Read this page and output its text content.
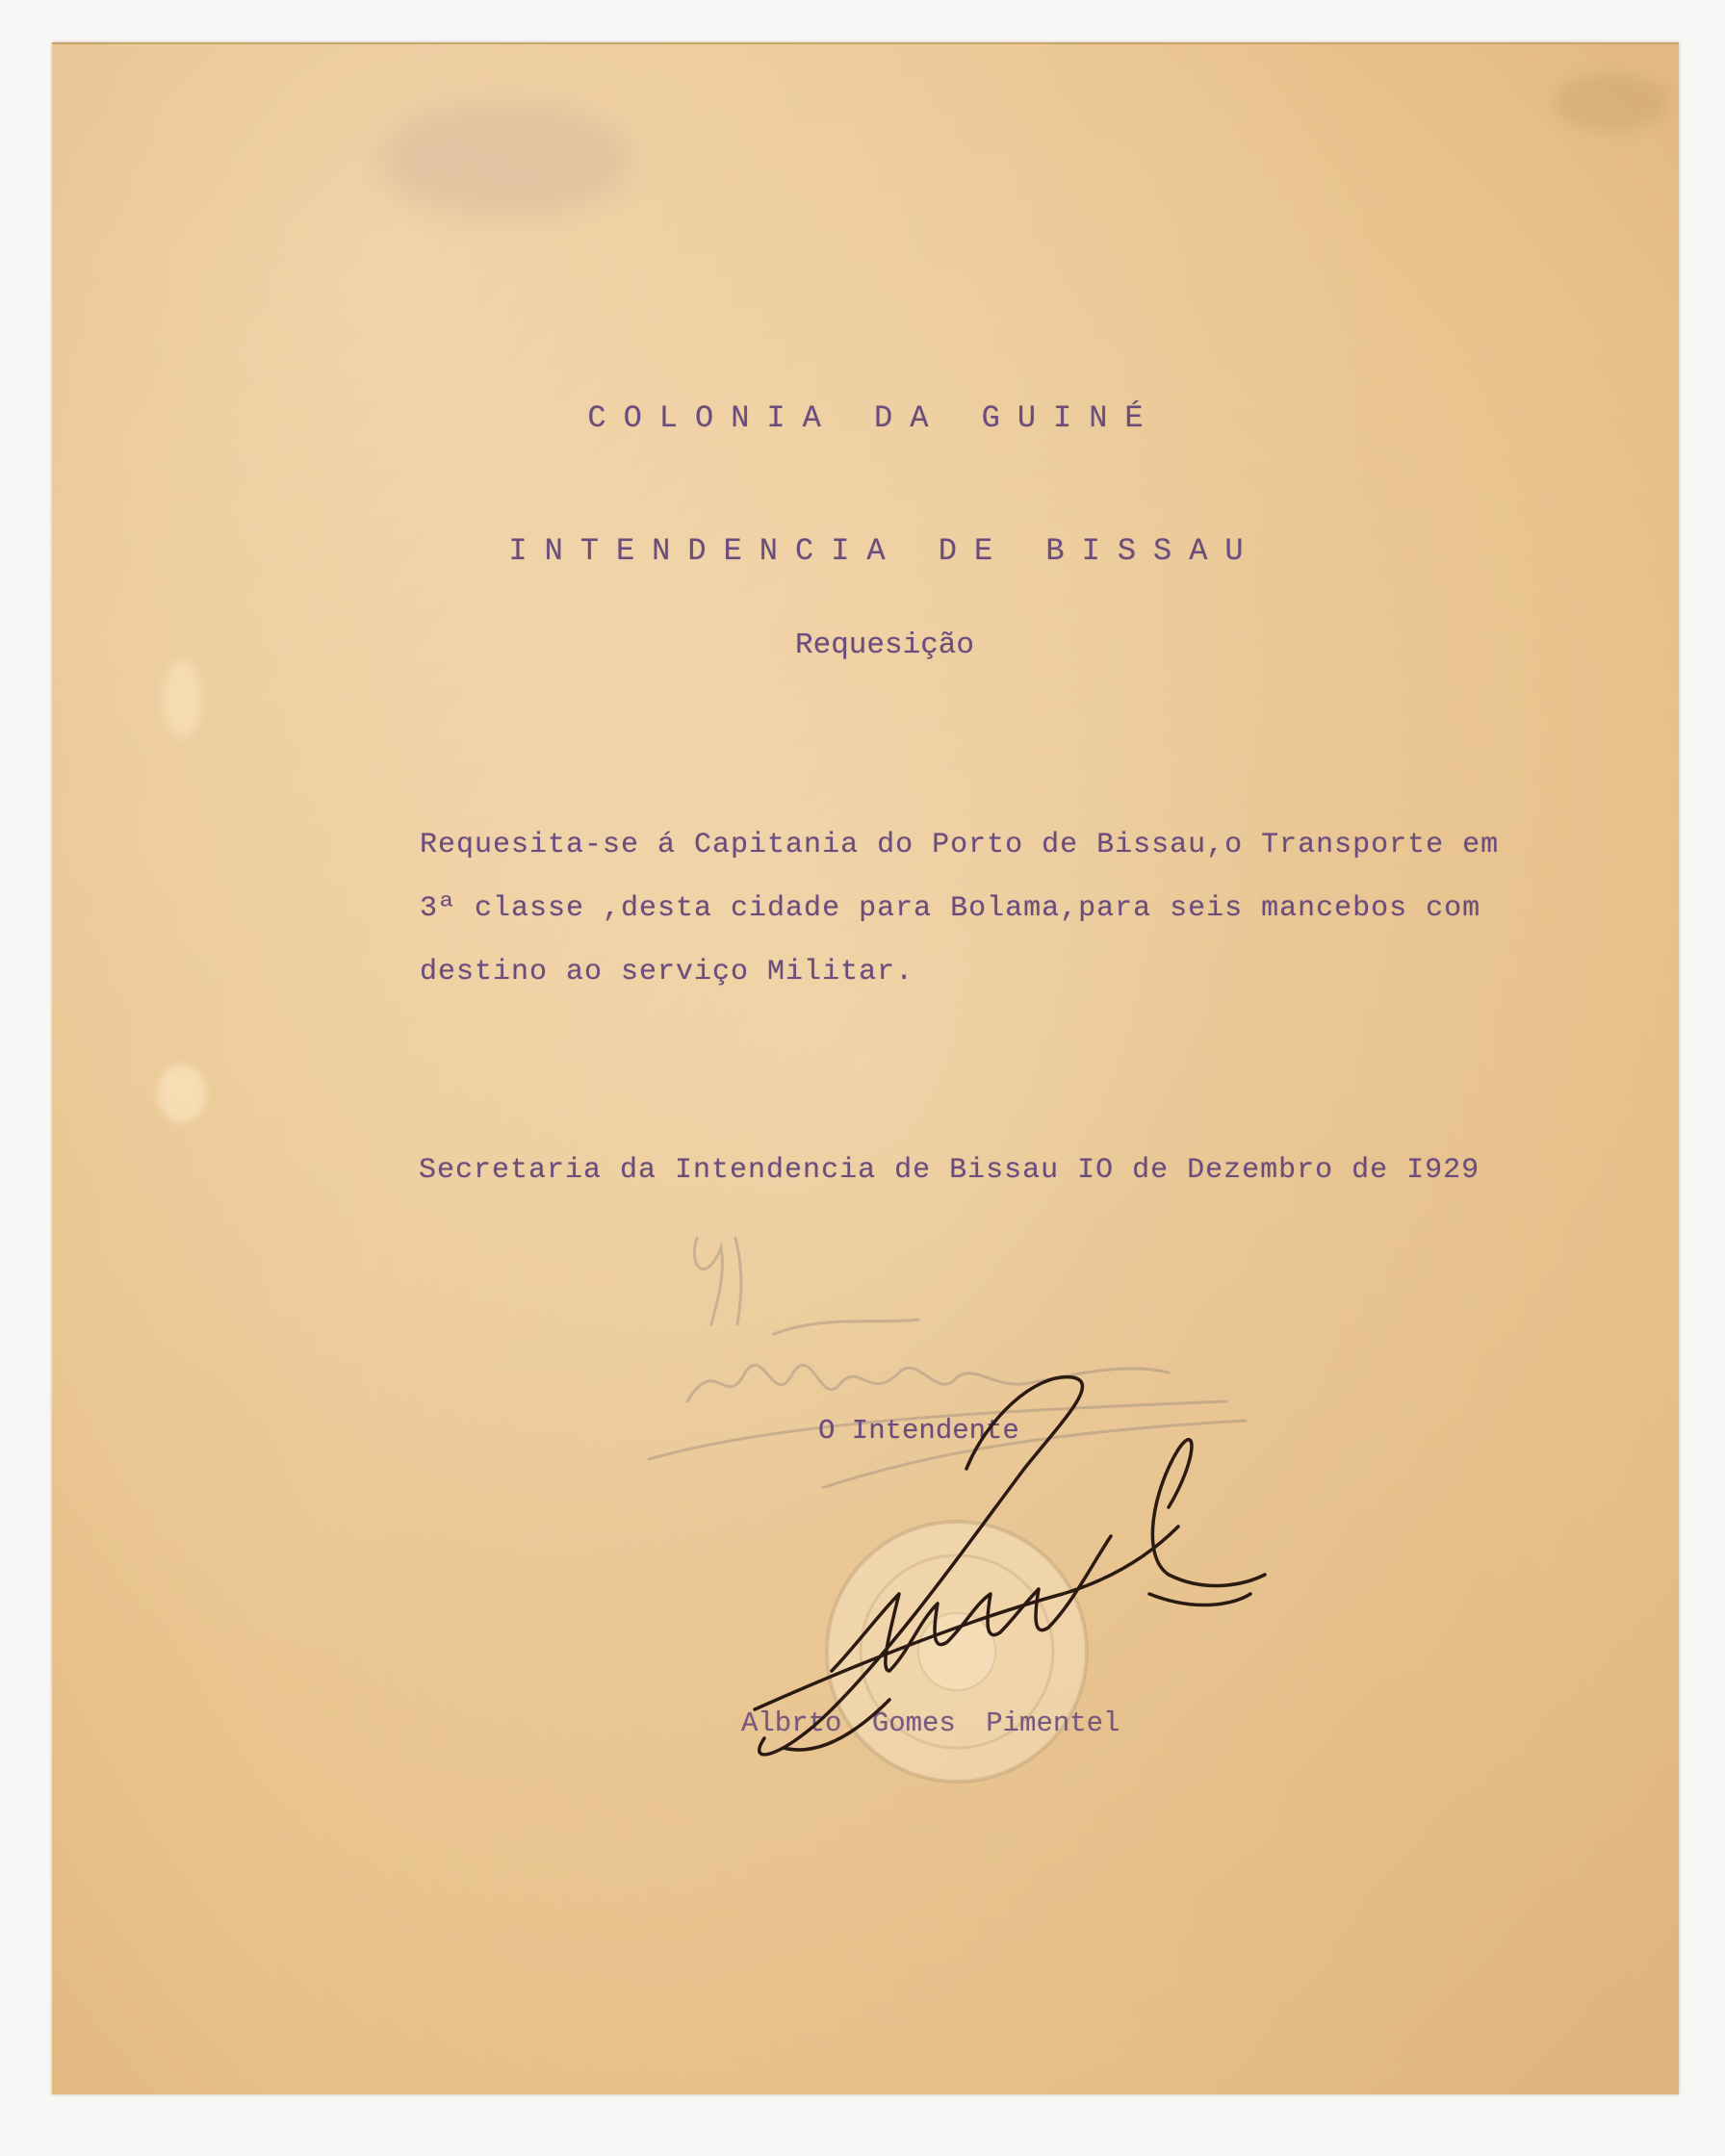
COLONIA DA GUINÉ
INTENDENCIA DE BISSAU
Requesição

Requesita-se á Capitania do Porto de Bissau,o Transporte em

3ª classe ,desta cidade para Bolama,para seis mancebos com

destino ao serviço Militar.

Secretaria da Intendencia de Bissau IO de Dezembro de I929

O Intendente

Albrto Gomes Pimentel
